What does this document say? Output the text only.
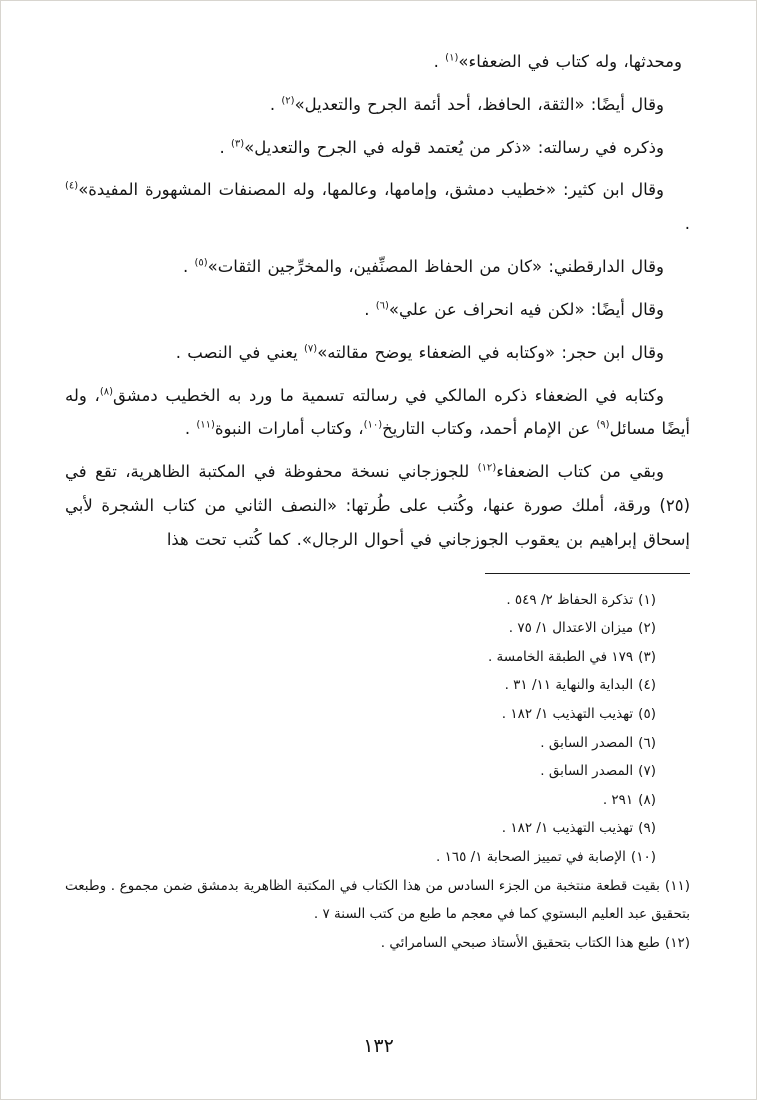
ومحدثها، وله كتاب في الضعفاء»$^{(١)}$ .

وقال أيضًا: «الثقة، الحافظ، أحد أئمة الجرح والتعديل»$^{(٢)}$ .

وذكره في رسالته: «ذكر من يُعتمد قوله في الجرح والتعديل»$^{(٣)}$ .

وقال ابن كثير: «خطيب دمشق، وإمامها، وعالمها، وله المصنفات المشهورة المفيدة»$^{(٤)}$ .

وقال الدارقطني: «كان من الحفاظ المصنِّفين، والمخرِّجين الثقات»$^{(٥)}$ .

وقال أيضًا: «لكن فيه انحراف عن علي»$^{(٦)}$ .

وقال ابن حجر: «وكتابه في الضعفاء يوضح مقالته»$^{(٧)}$ يعني في النصب .

وكتابه في الضعفاء ذكره المالكي في رسالته تسمية ما ورد به الخطيب دمشق$^{(٨)}$، وله أيضًا مسائل$^{(٩)}$ عن الإمام أحمد، وكتاب التاريخ$^{(١٠)}$، وكتاب أمارات النبوة$^{(١١)}$ .

وبقي من كتاب الضعفاء$^{(١٢)}$ للجوزجاني نسخة محفوظة في المكتبة الظاهرية، تقع في (٢٥) ورقة، أملك صورة عنها، وكُتب على طُرتها: «النصف الثاني من كتاب الشجرة لأبي إسحاق إبراهيم بن يعقوب الجوزجاني في أحوال الرجال». كما كُتب تحت هذا

(١)تذكرة الحفاظ ٢/ ٥٤٩ .
(٢)ميزان الاعتدال ١/ ٧٥ .
(٣)١٧٩ في الطبقة الخامسة .
(٤)البداية والنهاية ١١/ ٣١ .
(٥)تهذيب التهذيب ١/ ١٨٢ .
(٦)المصدر السابق .
(٧)المصدر السابق .
(٨)٢٩١ .
(٩)تهذيب التهذيب ١/ ١٨٢ .
(١٠)الإصابة في تمييز الصحابة ١/ ١٦٥ .
(١١)بقيت قطعة منتخبة من الجزء السادس من هذا الكتاب في المكتبة الظاهرية بدمشق ضمن مجموع . وطبعت بتحقيق عبد العليم البستوي كما في معجم ما طبع من كتب السنة ٧ .
(١٢)طبع هذا الكتاب بتحقيق الأستاذ صبحي السامرائي .
١٣٢
